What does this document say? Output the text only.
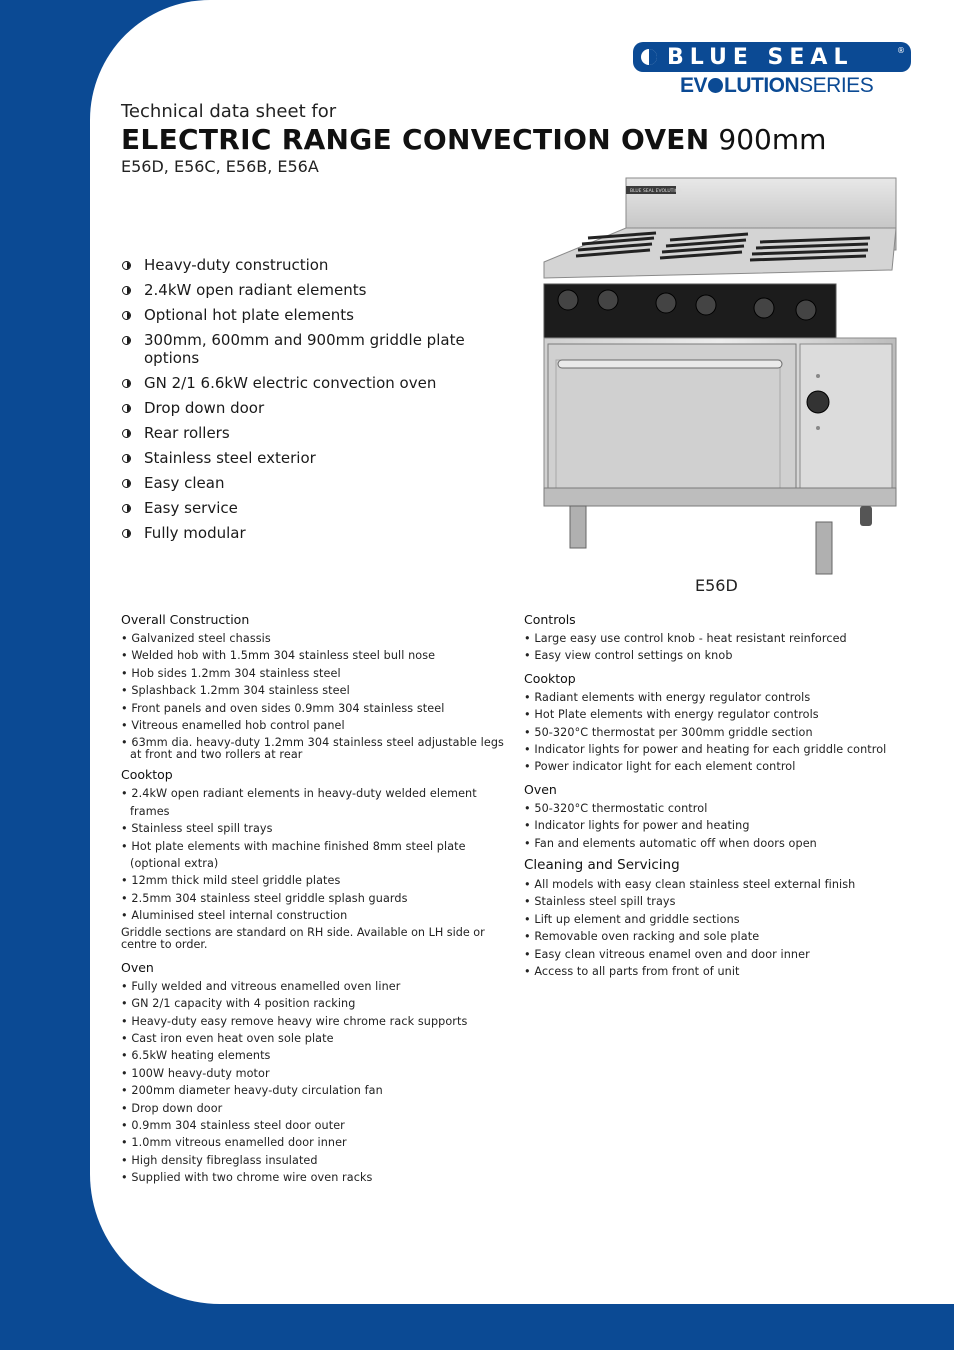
BLUE SEAL	®
EV LUTIONSERIES
Technical data sheet for
ELECTRIC RANGE CONVECTION OVEN 900mm
E56D, E56C, E56B, E56A
Heavy-duty construction
2.4kW open radiant elements
Optional hot plate elements
300mm, 600mm and 900mm griddle plate options
GN 2/1 6.6kW electric convection oven
Drop down door
Rear rollers
Stainless steel exterior
Easy clean
Easy service
Fully modular
BLUE SEAL EVOLUTION
E56D
Overall Construction
• Galvanized steel chassis
• Welded hob with 1.5mm 304 stainless steel bull nose
• Hob sides 1.2mm 304 stainless steel
• Splashback 1.2mm 304 stainless steel
• Front panels and oven sides 0.9mm 304 stainless steel
• Vitreous enamelled hob control panel
• 63mm dia. heavy-duty 1.2mm 304 stainless steel adjustable legs at front and two rollers at rear
Cooktop
• 2.4kW open radiant elements in heavy-duty welded element frames
• Stainless steel spill trays
• Hot plate elements with machine finished 8mm steel plate
(optional extra)
• 12mm thick mild steel griddle plates
• 2.5mm 304 stainless steel griddle splash guards
• Aluminised steel internal construction
Griddle sections are standard on RH side. Available on LH side or centre to order.
Oven
• Fully welded and vitreous enamelled oven liner
• GN 2/1 capacity with 4 position racking
• Heavy-duty easy remove heavy wire chrome rack supports
• Cast iron even heat oven sole plate
• 6.5kW heating elements
• 100W heavy-duty motor
• 200mm diameter heavy-duty circulation fan
• Drop down door
• 0.9mm 304 stainless steel door outer
• 1.0mm vitreous enamelled door inner
• High density fibreglass insulated
• Supplied with two chrome wire oven racks
Controls
• Large easy use control knob - heat resistant reinforced
• Easy view control settings on knob
Cooktop
• Radiant elements with energy regulator controls
• Hot Plate elements with energy regulator controls
• 50-320°C thermostat per 300mm griddle section
• Indicator lights for power and heating for each griddle control
• Power indicator light for each element control
Oven
• 50-320°C thermostatic control
• Indicator lights for power and heating
• Fan and elements automatic off when doors open
Cleaning and Servicing
• All models with easy clean stainless steel external finish
• Stainless steel spill trays
• Lift up element and griddle sections
• Removable oven racking and sole plate
• Easy clean vitreous enamel oven and door inner
• Access to all parts from front of unit
